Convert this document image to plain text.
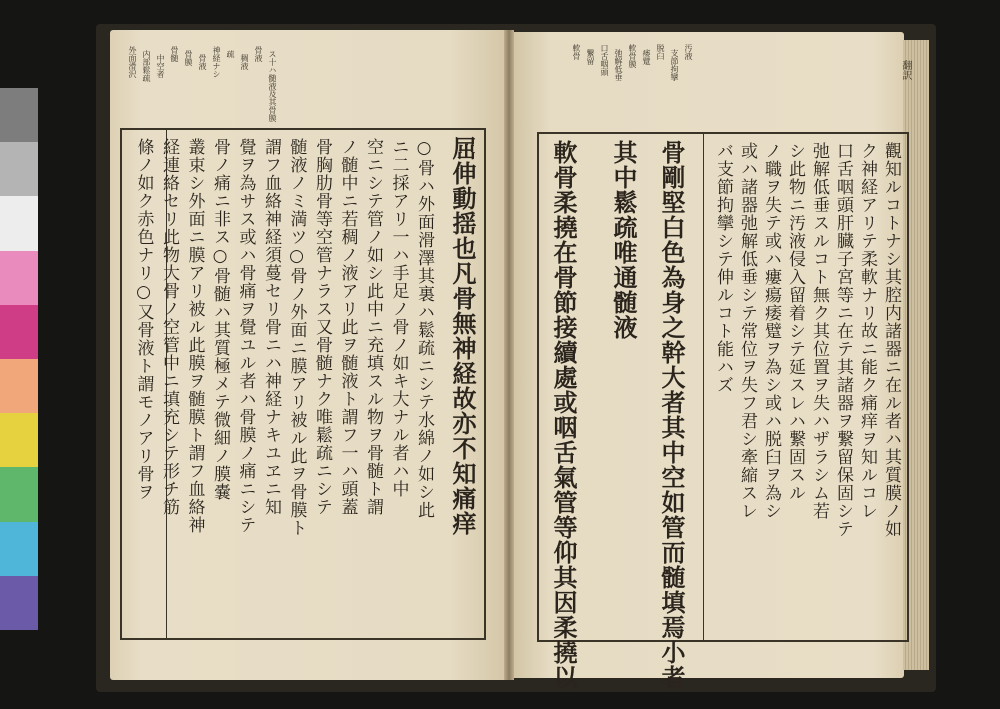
屈伸動揺也凡骨無神経故亦不知痛痒
○骨ハ外面滑澤其裏ハ鬆疏ニシテ水綿ノ如シ此
ニ二採アリ一ハ手足ノ骨ノ如キ大ナル者ハ中
空ニシテ管ノ如シ此中ニ充填スル物ヲ骨髄ト謂
ノ髄中ニ若稠ノ液アリ此ヲ髄液ト謂フ一ハ頭蓋
骨胸肋骨等空管ナラス又骨髄ナク唯鬆疏ニシテ
髄液ノミ満ツ○骨ノ外面ニ膜アリ被ル此ヲ骨膜ト
謂フ血絡神経須蔓セリ骨ニハ神経ナキユヱニ知
覺ヲ為サス或ハ骨痛ヲ覺ユル者ハ骨膜ノ痛ニシテ
骨ノ痛ニ非ス○骨髄ハ其質極メテ微細ノ膜嚢
叢束シ外面ニ膜アリ被ル此膜ヲ髄膜ト謂フ血絡神
経連絡セリ此物大骨ノ空管中ニ填充シテ形チ筋
條ノ如ク赤色ナリ○又骨液ト謂モノアリ骨ヲ
外面滑沢 内部鬆疏 中空者 骨髄 骨膜 骨液 神経ナシ 疏 稠液 骨液 ス十ハ髄液及其骨膜
骨剛堅白色為身之幹大者其中空如管而髄填焉小者
其中鬆疏唯通髄液
軟骨柔撓在骨節接續處或咽舌氣管等仰其因柔撓以	觀知ルコトナシ其腔内諸器ニ在ル者ハ其質膜ノ如
ク神経アリテ柔軟ナリ故ニ能ク痛痒ヲ知ルコレ
口舌咽頭肝臓子宮等ニ在テ其諸器ヲ繋留保固シテ
弛解低垂スルコト無ク其位置ヲ失ハザラシム若
シ此物ニ汚液侵入留着シテ延スレハ繋固スル
ノ職ヲ失テ或ハ瘻瘍痿躄ヲ為シ或ハ脱臼ヲ為シ
或ハ諸器弛解低垂シテ常位ヲ失フ君シ牽縮スレ
バ支節拘攣シテ伸ルコト能ハズ
軟骨 繋留 口舌咽頭 弛解低垂 軟骨膜 痿躄 脱臼 支節拘攣 汚液
翻訳
